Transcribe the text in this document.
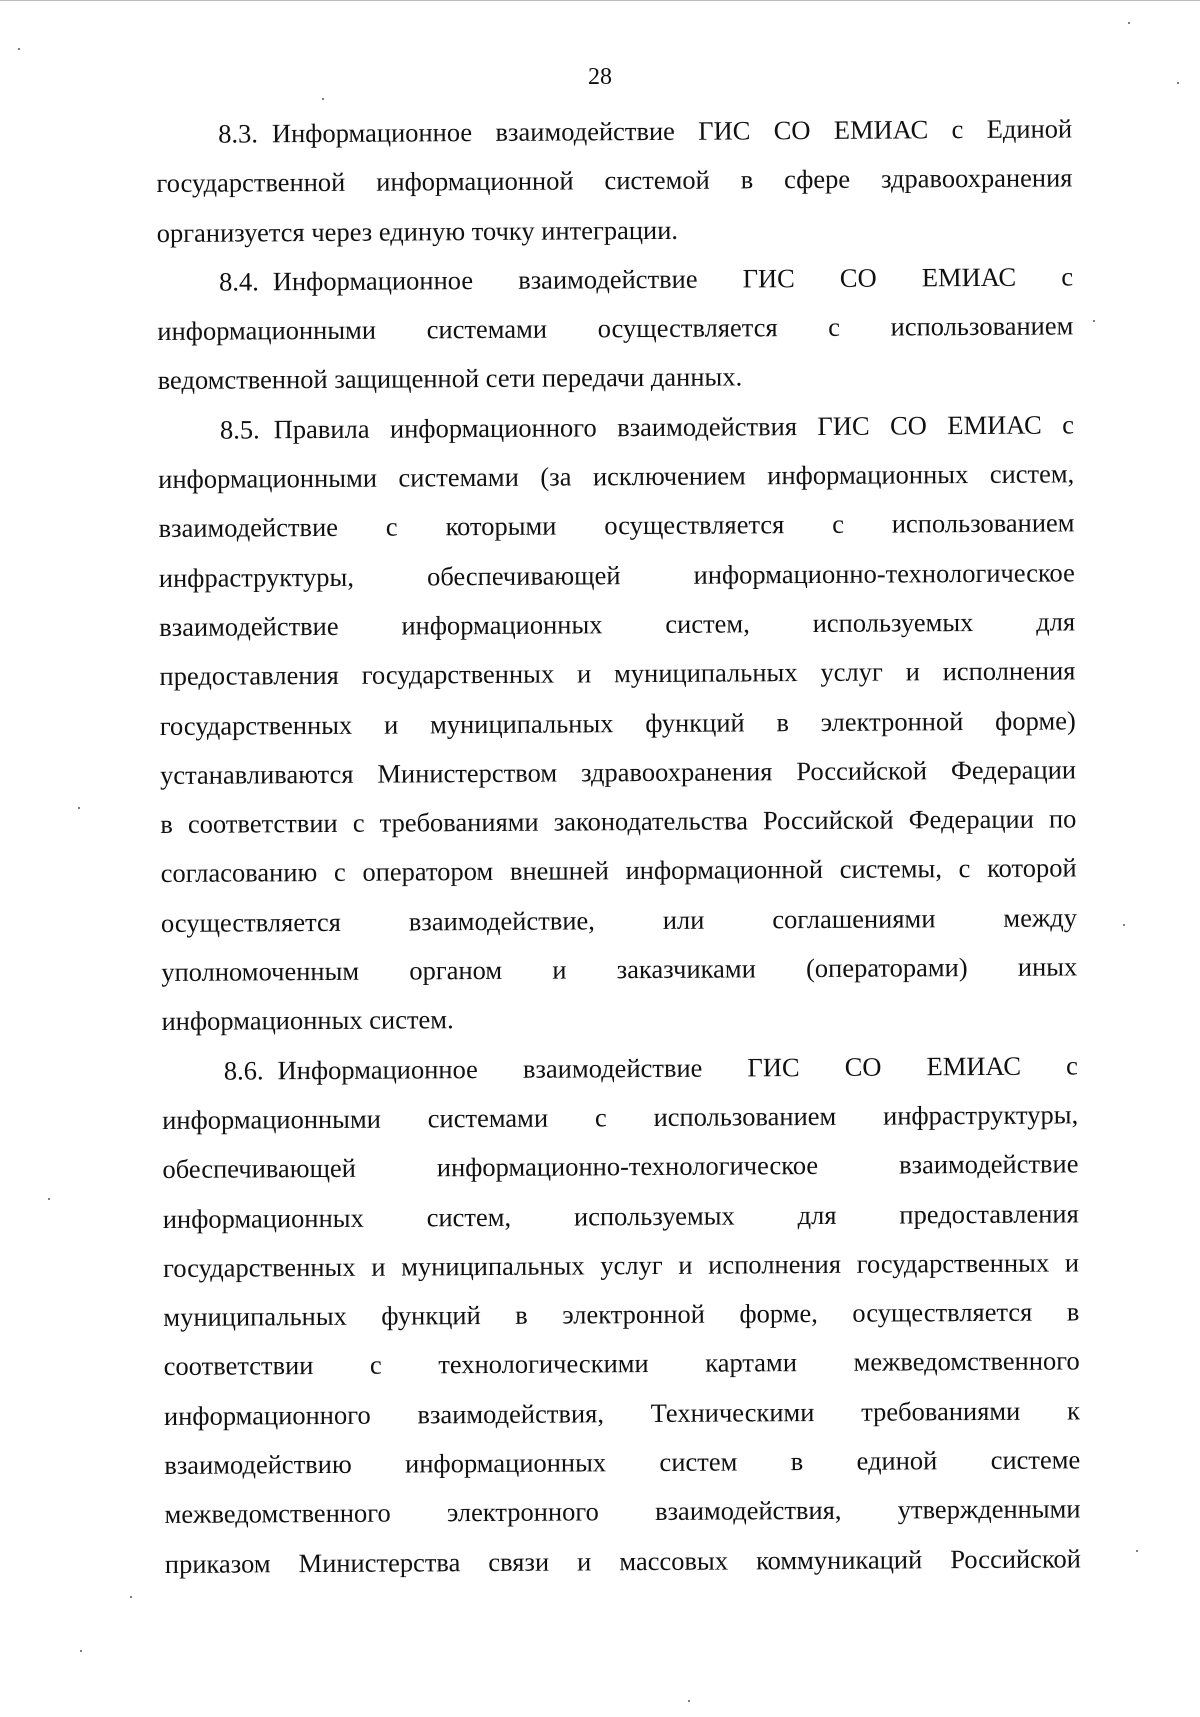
28
8.3. Информационное взаимодействие ГИС СО ЕМИАС с Единой
государственной информационной системой в сфере здравоохранения
организуется через единую точку интеграции.
8.4. Информационное взаимодействие ГИС СО ЕМИАС с
информационными системами осуществляется с использованием
ведомственной защищенной сети передачи данных.
8.5. Правила информационного взаимодействия ГИС СО ЕМИАС с
информационными системами (за исключением информационных систем,
взаимодействие с которыми осуществляется с использованием
инфраструктуры, обеспечивающей информационно-технологическое
взаимодействие информационных систем, используемых для
предоставления государственных и муниципальных услуг и исполнения
государственных и муниципальных функций в электронной форме)
устанавливаются Министерством здравоохранения Российской Федерации
в соответствии с требованиями законодательства Российской Федерации по
согласованию с оператором внешней информационной системы, с которой
осуществляется взаимодействие, или соглашениями между
уполномоченным органом и заказчиками (операторами) иных
информационных систем.
8.6. Информационное взаимодействие ГИС СО ЕМИАС с
информационными системами с использованием инфраструктуры,
обеспечивающей информационно-технологическое взаимодействие
информационных систем, используемых для предоставления
государственных и муниципальных услуг и исполнения государственных и
муниципальных функций в электронной форме, осуществляется в
соответствии с технологическими картами межведомственного
информационного взаимодействия, Техническими требованиями к
взаимодействию информационных систем в единой системе
межведомственного электронного взаимодействия, утвержденными
приказом Министерства связи и массовых коммуникаций Российской
